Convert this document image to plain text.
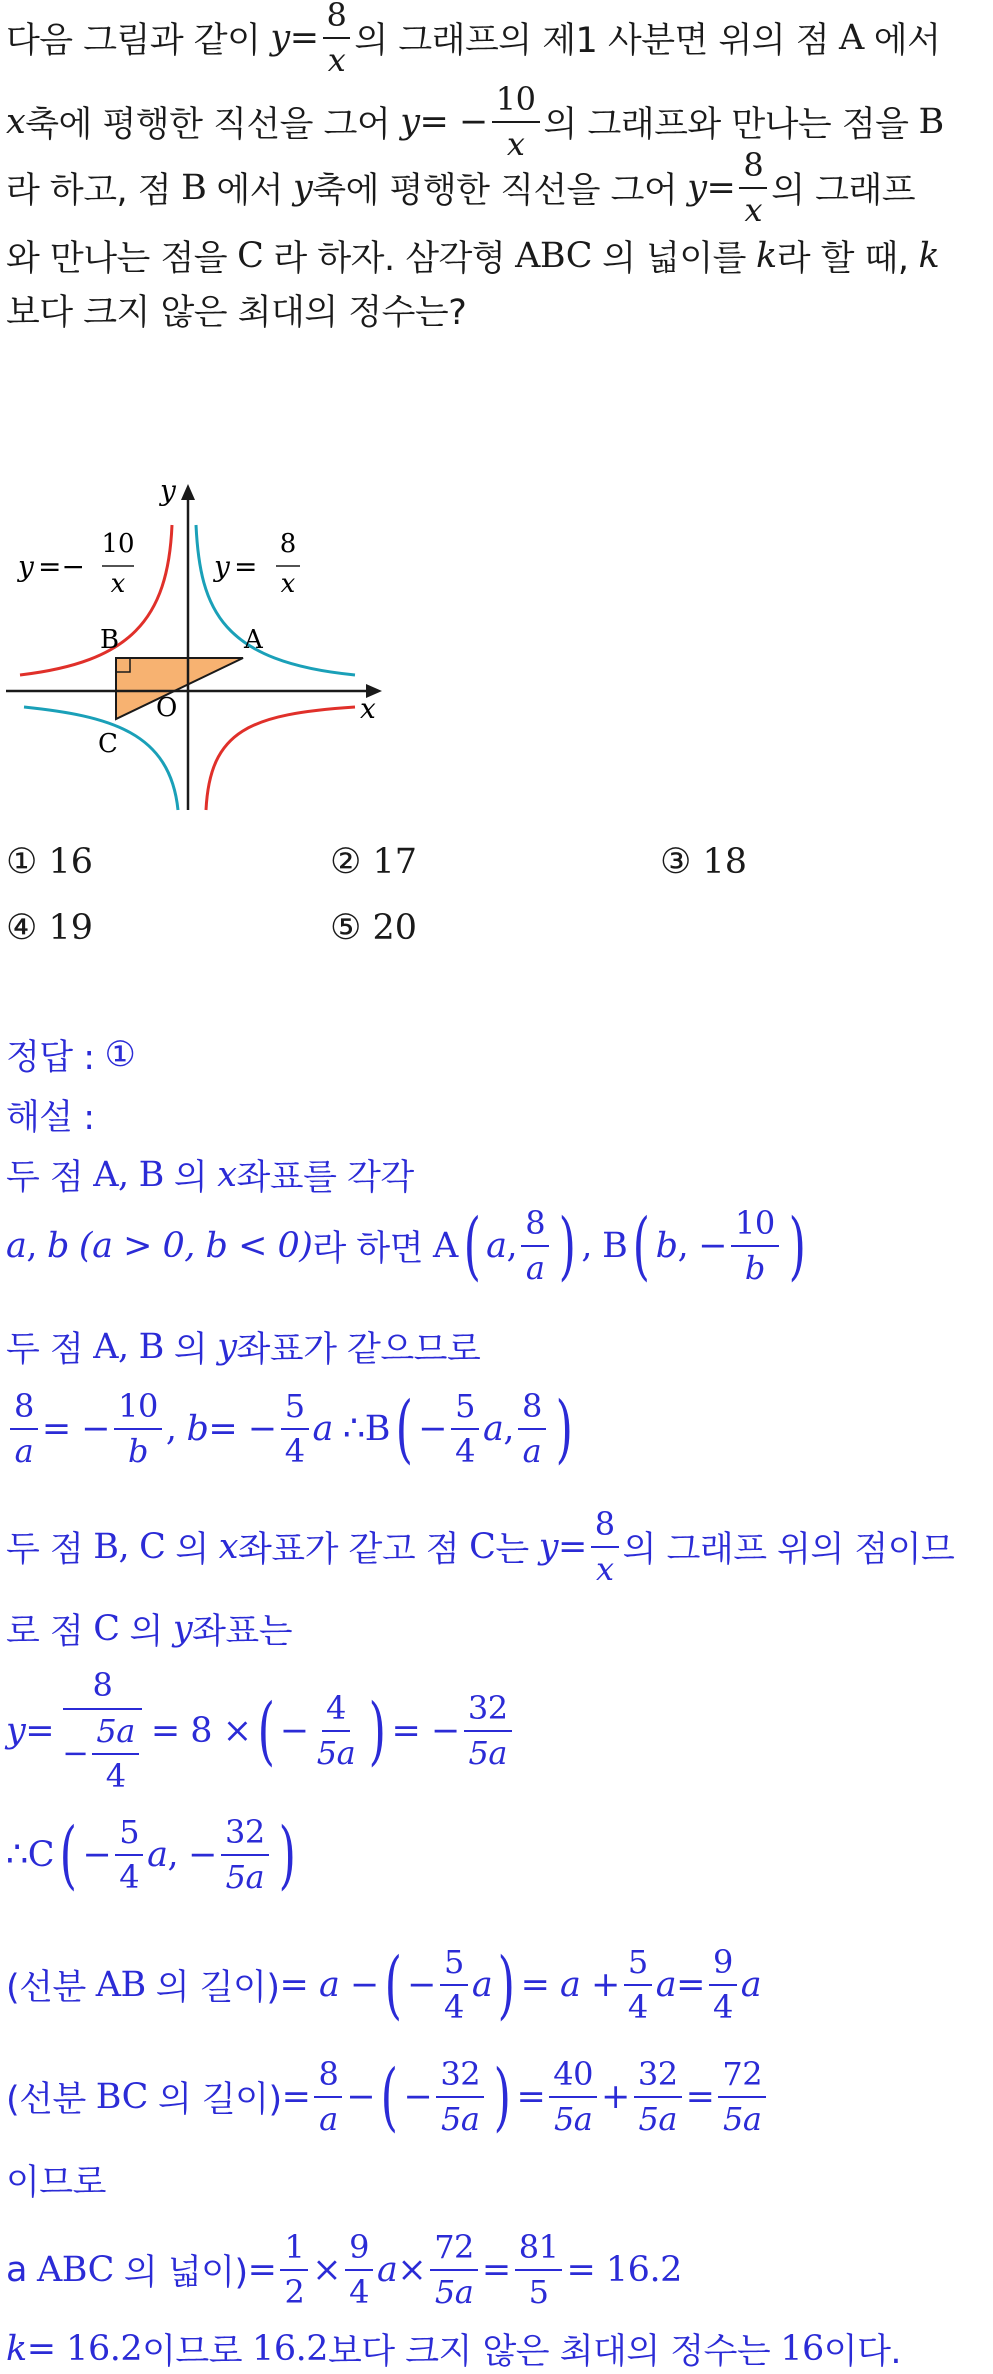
다음 그림과 같이 $y = \frac{8}{x}$ 의 그래프의 제1 사분면 위의 점 A 에서
x 축에 평행한 직선을 그어 y = − $\frac{10}{x}$ 의 그래프와 만나는 점을 B
라 하고, 점 B 에서 y 축에 평행한 직선을 그어 $y = \frac{8}{x}$ 의 그래프
와 만나는 점을 C 라 하자. 삼각형 ABC 의 넓이를 k 라 할 때, k
보다 크지 않은 최대의 정수는?
y
x
O
A
B
C
y =−
10
x
y =
8
x
① 16	② 17	③ 18
④ 19	⑤ 20
정답 : ①
해설 :
두 점 A , B 의 x 좌표를 각각
a , b (a > 0, b < 0) 라 하면 A ( a , $\frac{8}{a}$ ) , B ( b , − $\frac{10}{b}$ )
두 점 A , B 의 y 좌표가 같으므로
$\frac{8}{a}$ = − $\frac{10}{b}$ , b = − $\frac{5}{4}$ a ∴B ( − $\frac{5}{4}$ a , $\frac{8}{a}$ )
두 점 B , C 의 x 좌표가 같고 점 C 는 $y = \frac{8}{x}$ 의 그래프 위의 점이므
로 점 C 의 y 좌표는
$y = \frac{8}{- \frac{5a}{4}} = 8$ × ( − $\frac{4}{5a}$ ) = − $\frac{32}{5a}$
∴C ( − $\frac{5}{4}$ a , − $\frac{32}{5a}$ )
(선분 AB 의 길이) = a − ( − $\frac{5}{4}$ a ) = $a + \frac{5}{4}$ $a = \frac{9}{4}$ a
(선분 BC 의 길이) = $\frac{8}{a}$ − ( − $\frac{32}{5a}$ ) = $\frac{40}{5a} + \frac{32}{5a} = \frac{72}{5a}$
이므로
a ABC 의 넓이) = $\frac{1}{2} \times \frac{9}{4}$ $a \times \frac{72}{5a} = \frac{81}{5} = 16.2$
k = 16.2 이므로 16.2 보다 크지 않은 최대의 정수는 16 이다.
